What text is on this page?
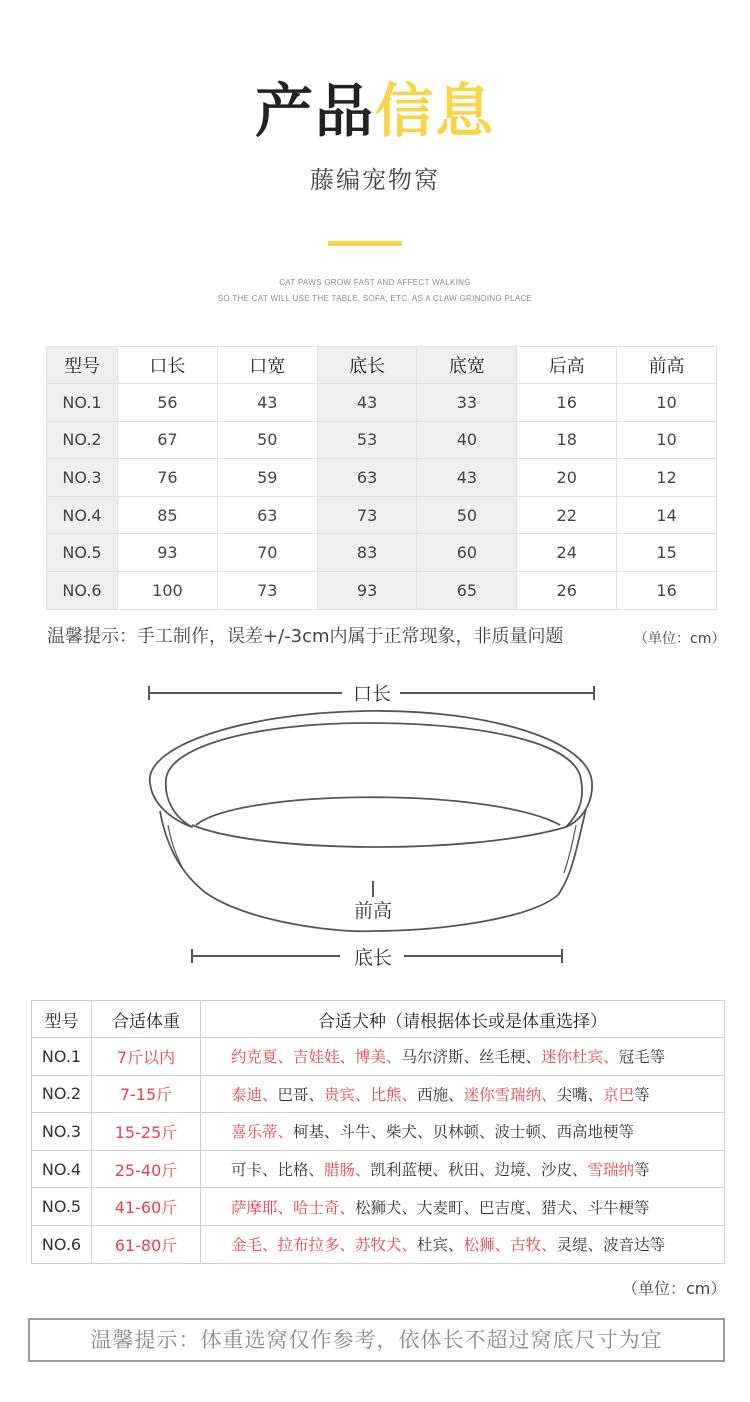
产品信息
藤编宠物窝
CAT PAWS GROW FAST AND AFFECT WALKING
SO THE CAT WILL USE THE TABLE, SOFA, ETC. AS A CLAW GRINDING PLACE
型号	口长	口宽	底长	底宽	后高	前高
NO.1	56	43	43	33	16	10
NO.2	67	50	53	40	18	10
NO.3	76	59	63	43	20	12
NO.4	85	63	73	50	22	14
NO.5	93	70	83	60	24	15
NO.6	100	73	93	65	26	16
温馨提示：手工制作，误差+/-3cm内属于正常现象，非质量问题	（单位：cm）
口长
前高
底长
型号	合适体重	合适犬种（请根据体长或是体重选择）
NO.1	7斤以内	约克夏、吉娃娃、博美、马尔济斯、丝毛梗、迷你杜宾、冠毛等
NO.2	7-15斤	泰迪、巴哥、贵宾、比熊、西施、迷你雪瑞纳、尖嘴、京巴等
NO.3	15-25斤	喜乐蒂、柯基、斗牛、柴犬、贝林顿、波士顿、西高地梗等
NO.4	25-40斤	可卡、比格、腊肠、凯利蓝梗、秋田、边境、沙皮、雪瑞纳等
NO.5	41-60斤	萨摩耶、哈士奇、松狮犬、大麦町、巴吉度、猎犬、斗牛梗等
NO.6	61-80斤	金毛、拉布拉多、苏牧犬、杜宾、松狮、古牧、灵缇、波音达等
（单位：cm）
温馨提示：体重选窝仅作参考，依体长不超过窝底尺寸为宜
